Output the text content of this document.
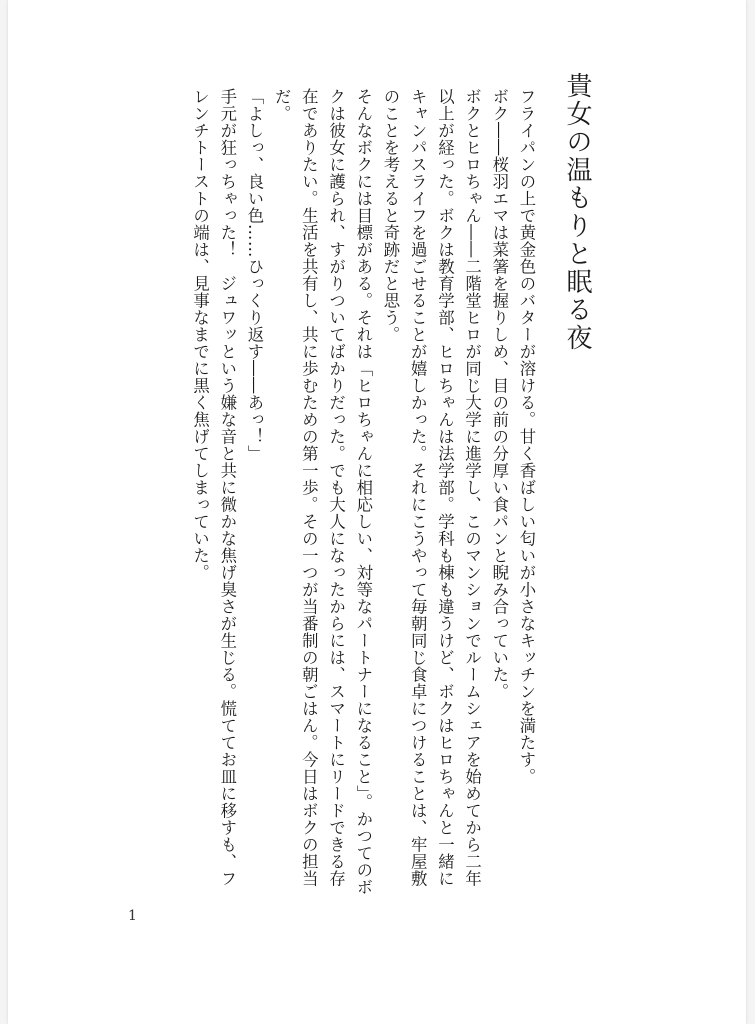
貴女の温もりと眠る夜

フライパンの上で黄金色のバターが溶ける。甘く香ばしい匂いが小さなキッチンを満たす。

ボク――桜羽エマは菜箸を握りしめ、目の前の分厚い食パンと睨み合っていた。

ボクとヒロちゃん――二階堂ヒロが同じ大学に進学し、このマンションでルームシェアを始めてから二年以上が経った。ボクは教育学部、ヒロちゃんは法学部。学科も棟も違うけど、ボクはヒロちゃんと一緒にキャンパスライフを過ごせることが嬉しかった。それにこうやって毎朝同じ食卓につけることは、牢屋敷のことを考えると奇跡だと思う。

そんなボクには目標がある。それは「ヒロちゃんに相応しい、対等なパートナーになること」。かつてのボクは彼女に護られ、すがりついてばかりだった。でも大人になったからには、スマートにリードできる存在でありたい。生活を共有し、共に歩むための第一歩。その一つが当番制の朝ごはん。今日はボクの担当だ。

「よしっ、良い色……ひっくり返す――あっ！」

手元が狂っちゃった！　ジュワッという嫌な音と共に微かな焦げ臭さが生じる。慌ててお皿に移すも、フレンチトーストの端は、見事なまでに黒く焦げてしまっていた。

1
